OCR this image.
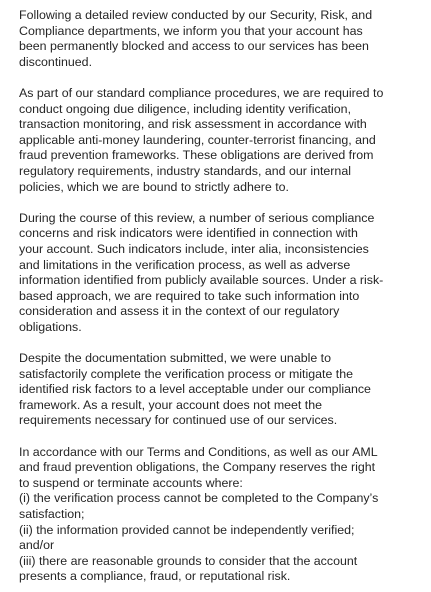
Following a detailed review conducted by our Security, Risk, and
Compliance departments, we inform you that your account has
been permanently blocked and access to our services has been
discontinued.

As part of our standard compliance procedures, we are required to
conduct ongoing due diligence, including identity verification,
transaction monitoring, and risk assessment in accordance with
applicable anti-money laundering, counter-terrorist financing, and
fraud prevention frameworks. These obligations are derived from
regulatory requirements, industry standards, and our internal
policies, which we are bound to strictly adhere to.

During the course of this review, a number of serious compliance
concerns and risk indicators were identified in connection with
your account. Such indicators include, inter alia, inconsistencies
and limitations in the verification process, as well as adverse
information identified from publicly available sources. Under a risk-
based approach, we are required to take such information into
consideration and assess it in the context of our regulatory
obligations.

Despite the documentation submitted, we were unable to
satisfactorily complete the verification process or mitigate the
identified risk factors to a level acceptable under our compliance
framework. As a result, your account does not meet the
requirements necessary for continued use of our services.

In accordance with our Terms and Conditions, as well as our AML
and fraud prevention obligations, the Company reserves the right
to suspend or terminate accounts where:
(i) the verification process cannot be completed to the Company’s
satisfaction;
(ii) the information provided cannot be independently verified;
and/or
(iii) there are reasonable grounds to consider that the account
presents a compliance, fraud, or reputational risk.
